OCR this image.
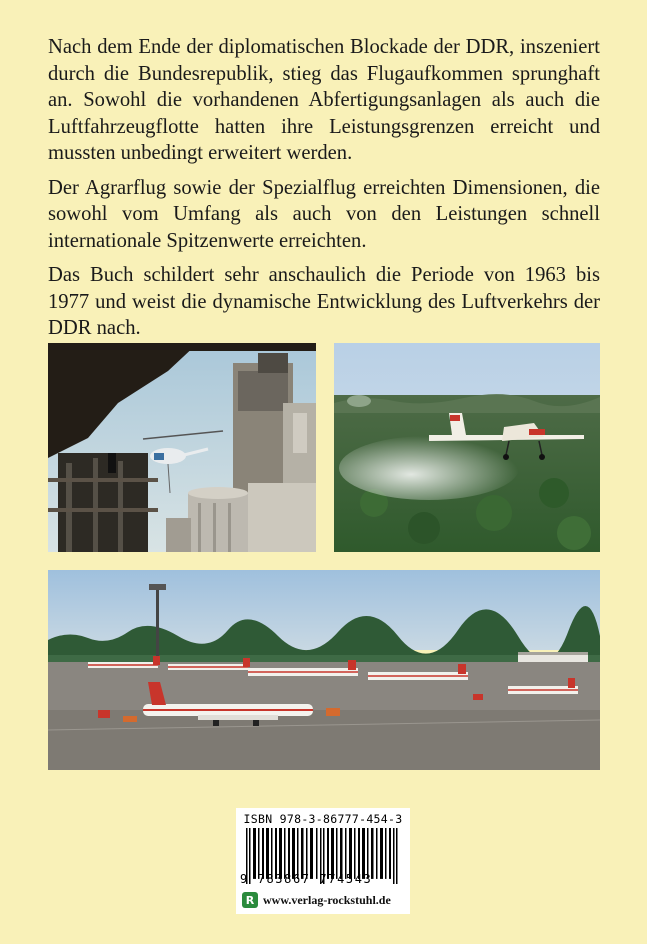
Nach dem Ende der diplomatischen Blockade der DDR, inszeniert durch die Bundesrepublik, stieg das Flugaufkommen sprunghaft an. Sowohl die vorhandenen Abfertigungsanlagen als auch die Luftfahrzeugflotte hatten ihre Leistungsgrenzen erreicht und mussten unbedingt erweitert werden.

Der Agrarflug sowie der Spezialflug erreichten Dimensionen, die sowohl vom Umfang als auch von den Leistungen schnell internationale Spitzenwerte erreichten.

Das Buch schildert sehr anschaulich die Periode von 1963 bis 1977 und weist die dynamische Entwicklung des Luftverkehrs der DDR nach.

ISBN 978-3-86777-454-3
9 783867 774543
R www.verlag-rockstuhl.de
